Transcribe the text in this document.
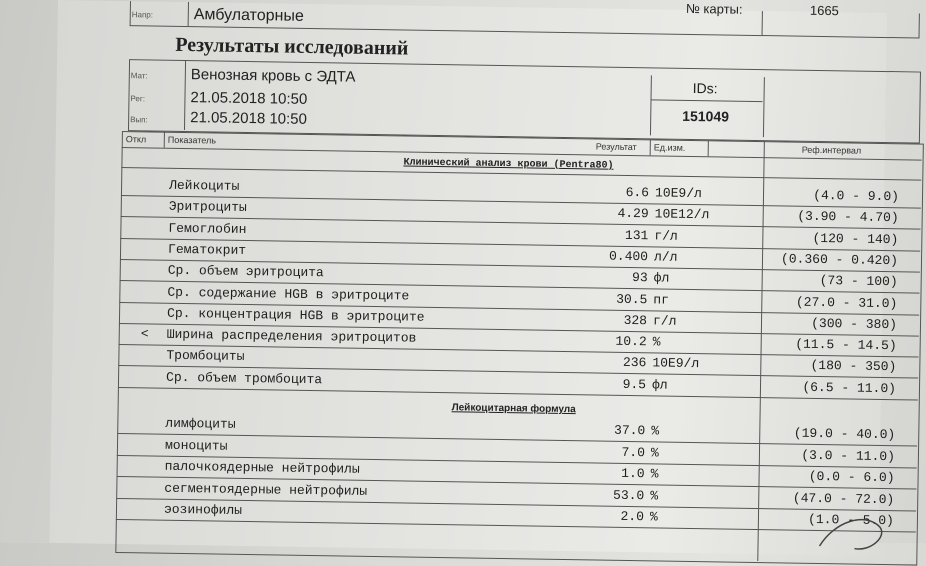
Напр:	Амбулаторные	№ карты:	1665
Результаты исследований
Мат:	Венозная кровь с ЭДТА
Рег:	21.05.2018 10:50
Вып:	21.05.2018 10:50
IDs:
151049
Откл Показатель
Результат Ед.изм.	Реф.интервал
Клинический анализ крови (Pentra80)
Лейкоциты	6.6 10E9/л	(4.0 - 9.0)
Эритроциты	4.29 10E12/л	(3.90 - 4.70)
Гемоглобин	131 г/л	(120 - 140)
Гематокрит	0.400 л/л	(0.360 - 0.420)
Ср. объем эритроцита	93 фл	(73 - 100)
Ср. содержание HGB в эритроците	30.5 пг	(27.0 - 31.0)
Ср. концентрация HGB в эритроците	328 г/л	(300 - 380)
< Ширина распределения эритроцитов	10.2 %	(11.5 - 14.5)
Тромбоциты	236 10E9/л	(180 - 350)
Ср. объем тромбоцита	9.5 фл	(6.5 - 11.0)
Лейкоцитарная формула
лимфоциты	37.0 %	(19.0 - 40.0)
моноциты	7.0 %	(3.0 - 11.0)
палочкоядерные нейтрофилы	1.0 %	(0.0 - 6.0)
сегментоядерные нейтрофилы	53.0 %	(47.0 - 72.0)
эозинофилы	2.0 %	(1.0 - 5.0)
